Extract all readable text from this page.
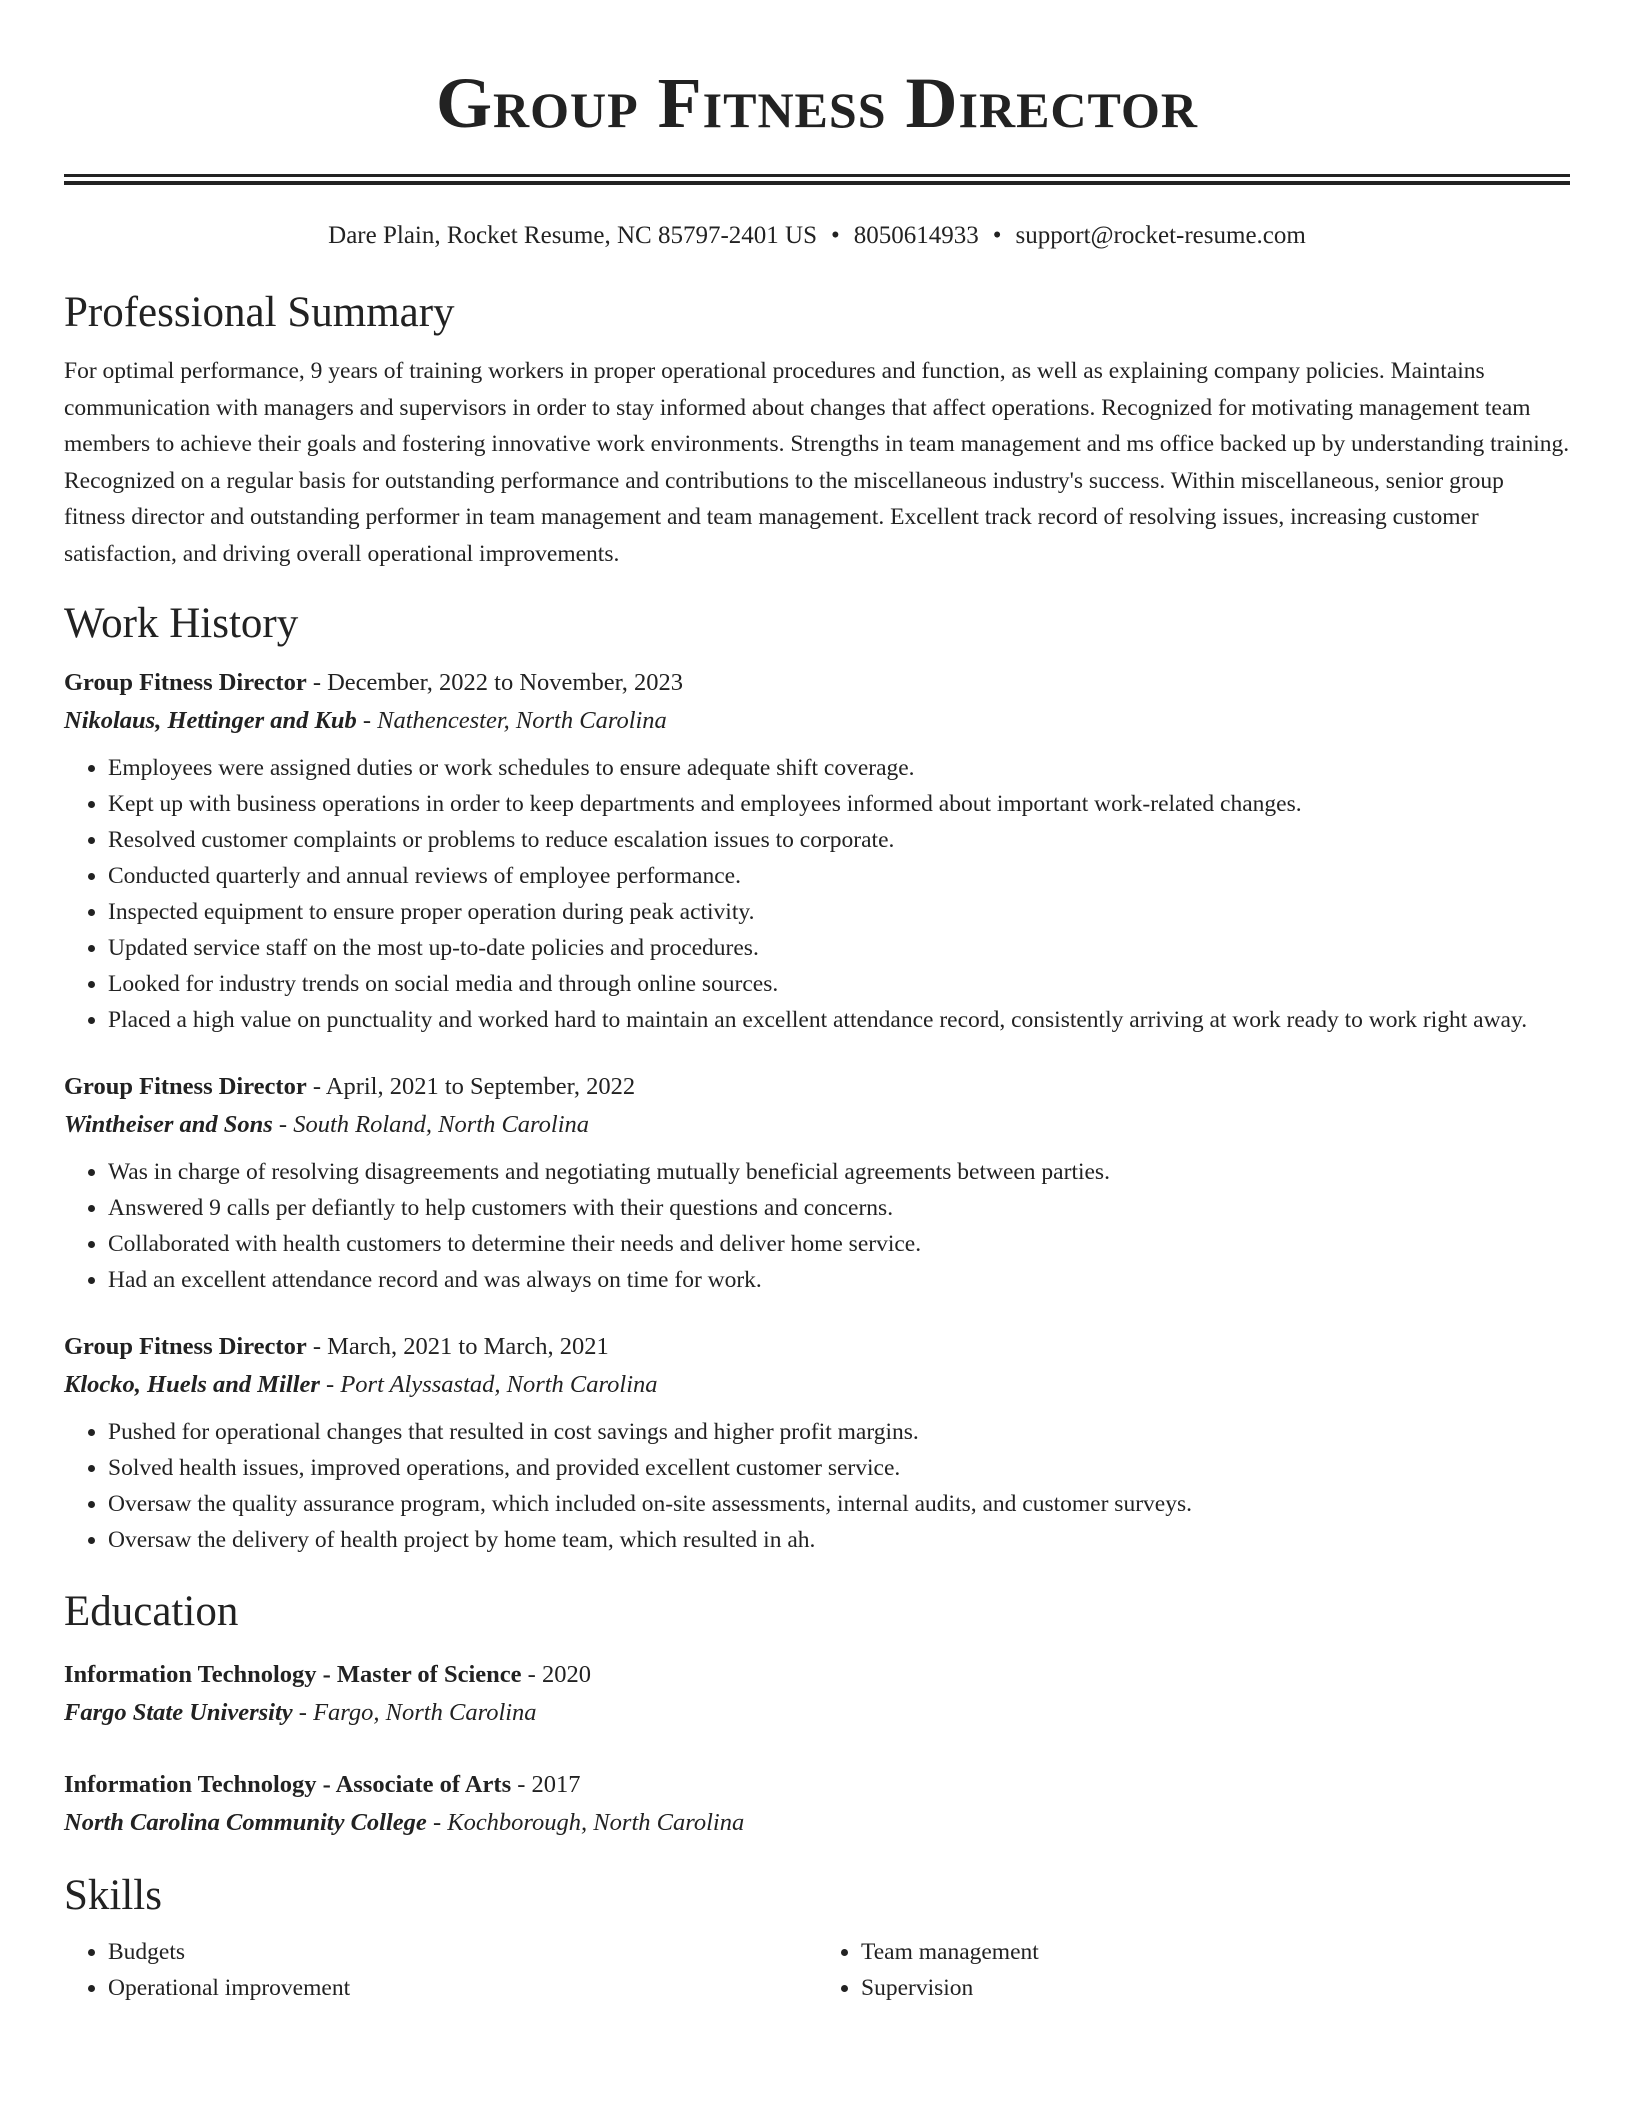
Group Fitness Director
Dare Plain, Rocket Resume, NC 85797-2401 US • 8050614933 • support@rocket-resume.com
Professional Summary
For optimal performance, 9 years of training workers in proper operational procedures and function, as well as explaining company policies. Maintains communication with managers and supervisors in order to stay informed about changes that affect operations. Recognized for motivating management team members to achieve their goals and fostering innovative work environments. Strengths in team management and ms office backed up by understanding training. Recognized on a regular basis for outstanding performance and contributions to the miscellaneous industry's success. Within miscellaneous, senior group fitness director and outstanding performer in team management and team management. Excellent track record of resolving issues, increasing customer satisfaction, and driving overall operational improvements.
Work History
Group Fitness Director - December, 2022 to November, 2023
Nikolaus, Hettinger and Kub - Nathencester, North Carolina
• Employees were assigned duties or work schedules to ensure adequate shift coverage.
• Kept up with business operations in order to keep departments and employees informed about important work-related changes.
• Resolved customer complaints or problems to reduce escalation issues to corporate.
• Conducted quarterly and annual reviews of employee performance.
• Inspected equipment to ensure proper operation during peak activity.
• Updated service staff on the most up-to-date policies and procedures.
• Looked for industry trends on social media and through online sources.
• Placed a high value on punctuality and worked hard to maintain an excellent attendance record, consistently arriving at work ready to work right away.
Group Fitness Director - April, 2021 to September, 2022
Wintheiser and Sons - South Roland, North Carolina
• Was in charge of resolving disagreements and negotiating mutually beneficial agreements between parties.
• Answered 9 calls per defiantly to help customers with their questions and concerns.
• Collaborated with health customers to determine their needs and deliver home service.
• Had an excellent attendance record and was always on time for work.
Group Fitness Director - March, 2021 to March, 2021
Klocko, Huels and Miller - Port Alyssastad, North Carolina
• Pushed for operational changes that resulted in cost savings and higher profit margins.
• Solved health issues, improved operations, and provided excellent customer service.
• Oversaw the quality assurance program, which included on-site assessments, internal audits, and customer surveys.
• Oversaw the delivery of health project by home team, which resulted in ah.
Education
Information Technology - Master of Science - 2020
Fargo State University - Fargo, North Carolina
Information Technology - Associate of Arts - 2017
North Carolina Community College - Kochborough, North Carolina
Skills
• Budgets
• Operational improvement
• Team management
• Supervision
